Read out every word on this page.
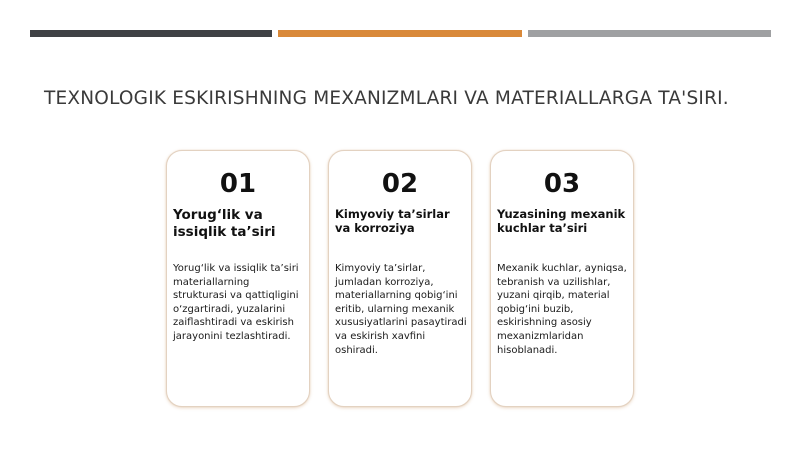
TEXNOLOGIK ESKIRISHNING MEXANIZMLARI VA MATERIALLARGA TA'SIRI.
01
Yorug‘lik va issiqlik ta’siri
Yorug‘lik va issiqlik ta’siri materiallarning strukturasi va qattiqligini o‘zgartiradi, yuzalarini zaiflashtiradi va eskirish jarayonini tezlashtiradi.
02
Kimyoviy ta’sirlar va korroziya
Kimyoviy ta’sirlar, jumladan korroziya, materiallarning qobig‘ini eritib, ularning mexanik xususiyatlarini pasaytiradi va eskirish xavfini oshiradi.
03
Yuzasining mexanik kuchlar ta’siri
Mexanik kuchlar, ayniqsa, tebranish va uzilishlar, yuzani qirqib, material qobig‘ini buzib, eskirishning asosiy mexanizmlaridan hisoblanadi.
